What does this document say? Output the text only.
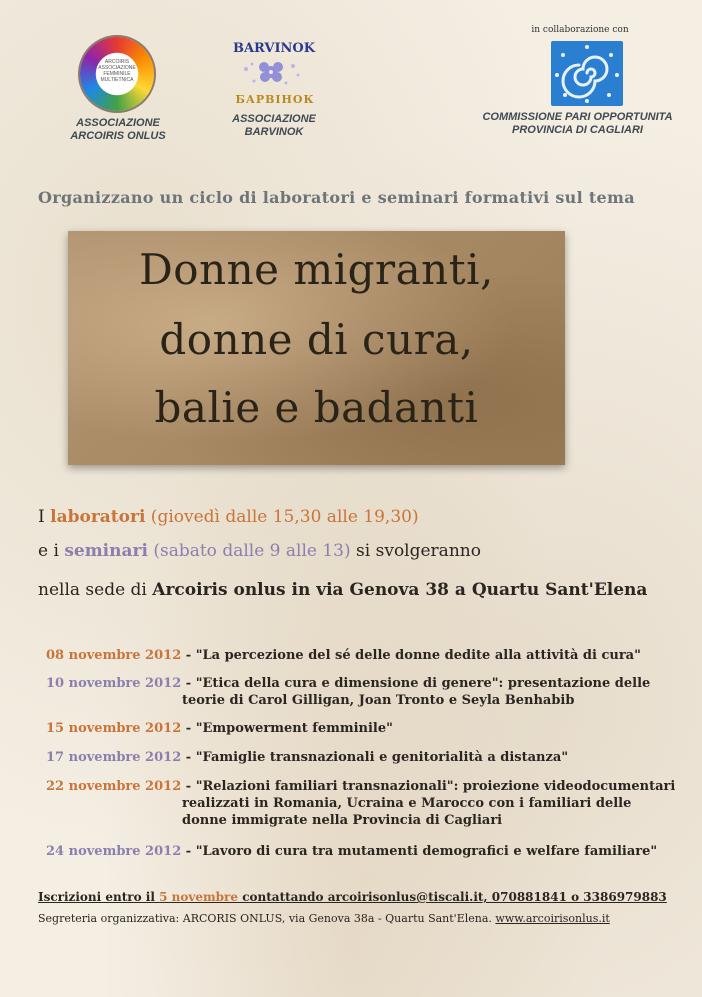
ARCOIRIS ASSOCIAZIONE FEMMINILE MULTIETNICA
ASSOCIAZIONE
ARCOIRIS ONLUS
BARVINOK
БАРВІНОК
ASSOCIAZIONE
BARVINOK
in collaborazione con
COMMISSIONE PARI OPPORTUNITA
PROVINCIA DI CAGLIARI
Organizzano un ciclo di laboratori e seminari formativi sul tema
Donne migranti,
donne di cura,
balie e badanti
I laboratori (giovedì dalle 15,30 alle 19,30)
e i seminari (sabato dalle 9 alle 13) si svolgeranno
nella sede di Arcoiris onlus in via Genova 38 a Quartu Sant'Elena
08 novembre 2012 - "La percezione del sé delle donne dedite alla attività di cura"
10 novembre 2012 - "Etica della cura e dimensione di genere": presentazione delle
teorie di Carol Gilligan, Joan Tronto e Seyla Benhabib
15 novembre 2012 - "Empowerment femminile"
17 novembre 2012 - "Famiglie transnazionali e genitorialità a distanza"
22 novembre 2012 - "Relazioni familiari transnazionali": proiezione videodocumentari
realizzati in Romania, Ucraina e Marocco con i familiari delle
donne immigrate nella Provincia di Cagliari
24 novembre 2012 - "Lavoro di cura tra mutamenti demografici e welfare familiare"
Iscrizioni entro il 5 novembre contattando arcoirisonlus@tiscali.it, 070881841 o 3386979883
Segreteria organizzativa: ARCORIS ONLUS, via Genova 38a - Quartu Sant'Elena. www.arcoirisonlus.it
